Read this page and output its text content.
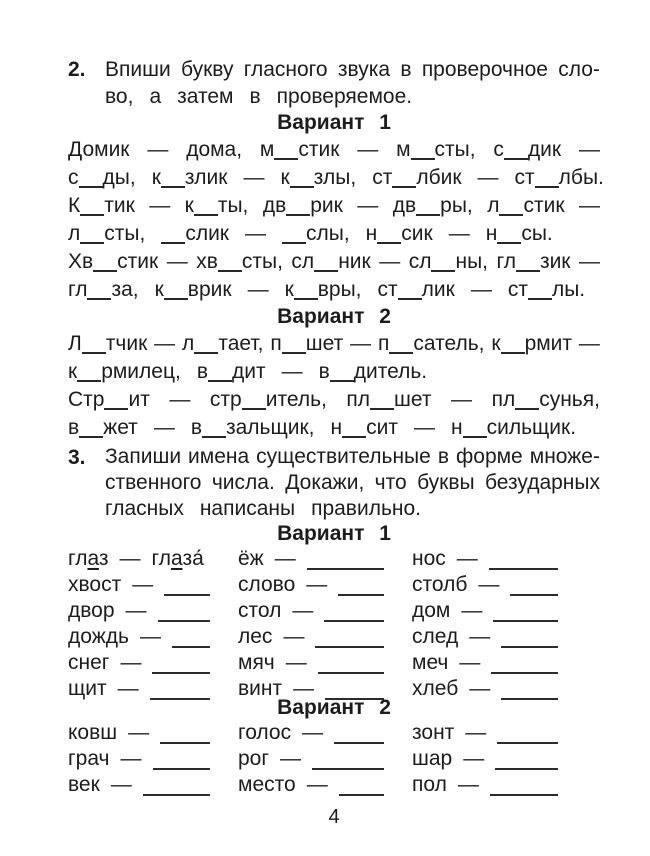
2. Впиши букву гласного звука в проверочное сло-
во, а затем в проверяемое.
Вариант 1
Домик — дома, м стик — м сты, с дик —
с ды, к злик — к злы, ст лбик — ст лбы.
К тик — к ты, дв рик — дв ры, л стик —
л сты,	слик —	слы, н сик — н сы.
Хв стик — хв сты, сл ник — сл ны, гл зик —
гл за, к врик — к вры, ст лик — ст лы.
Вариант 2
Л тчик — л тает, п шет — п сатель, к рмит —
к рмилец, в дит — в дитель.
Стр ит — стр итель, пл шет — пл сунья,
в жет — в зальщик, н сит — н сильщик.
3. Запиши имена существительные в форме множе-
ственного числа. Докажи, что буквы безударных
гласных написаны правильно.
Вариант 1
глаз — глаза́ ёж —	нос —
хвост —	слово —	столб —
двор —	стол —	дом —
дождь —	лес —	след —
снег —	мяч —	меч —
щит —	винт —	хлеб —
Вариант 2
ковш —	голос —	зонт —
грач —	рог —	шар —
век —	место —	пол —
4
